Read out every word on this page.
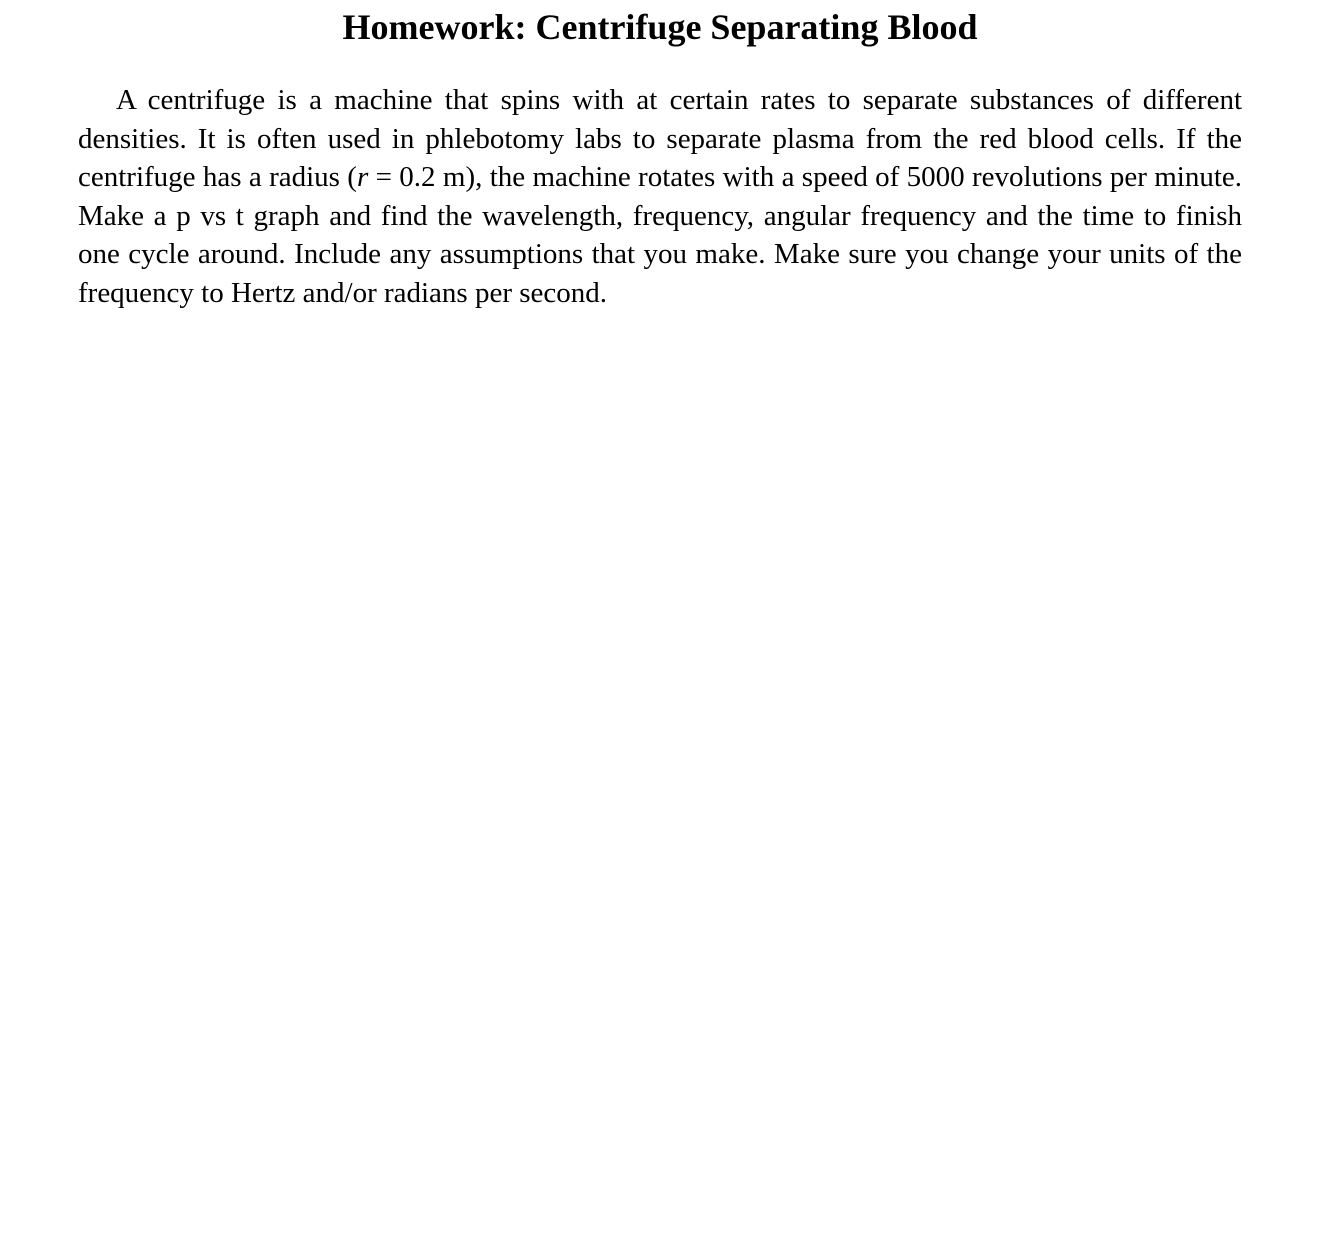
Homework: Centrifuge Separating Blood

A centrifuge is a machine that spins with at certain rates to separate substances of different densities. It is often used in phlebotomy labs to separate plasma from the red blood cells. If the centrifuge has a radius (r = 0.2 m), the machine rotates with a speed of 5000 revolutions per minute. Make a p vs t graph and find the wavelength, frequency, angular frequency and the time to finish one cycle around. Include any assumptions that you make. Make sure you change your units of the frequency to Hertz and/or radians per second.
